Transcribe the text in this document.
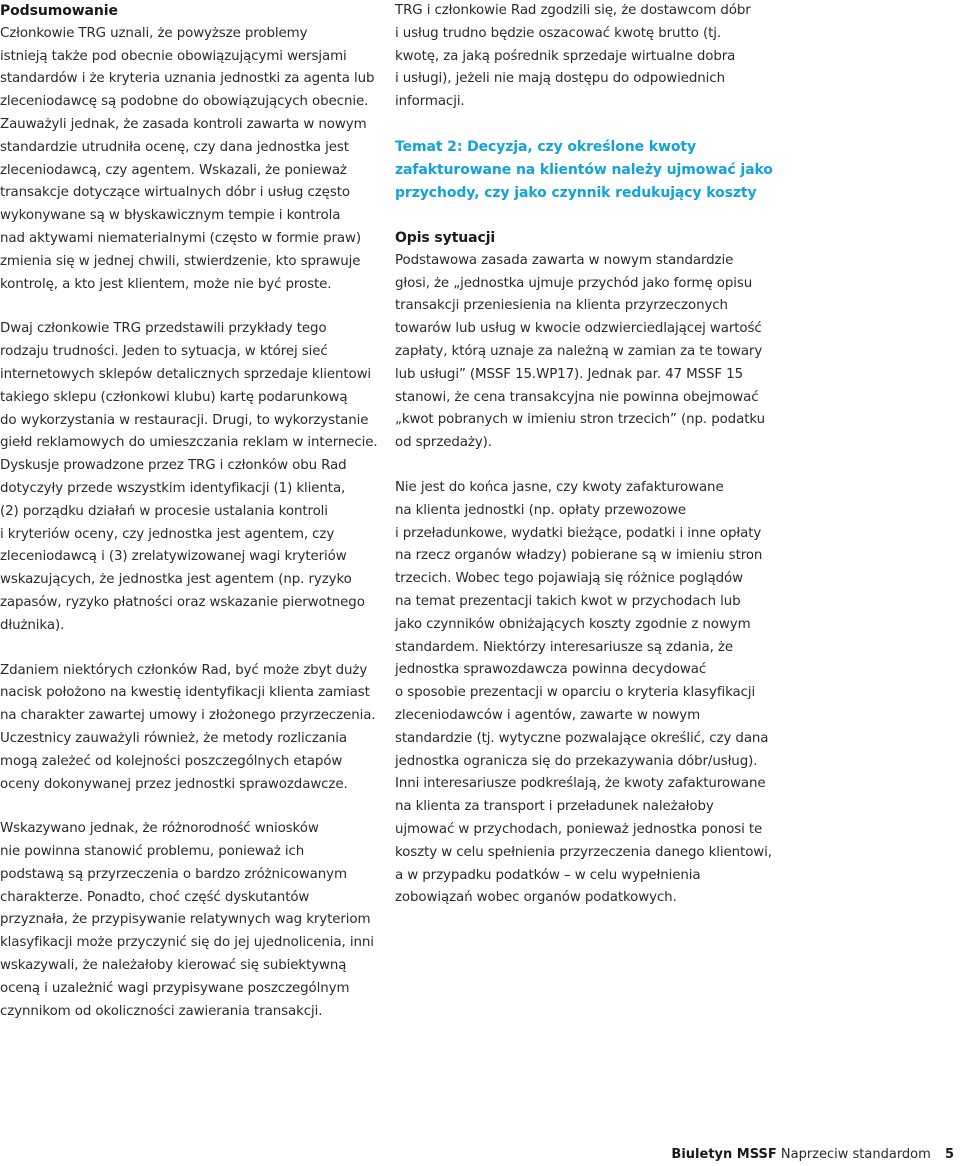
Podsumowanie
Członkowie TRG uznali, że powyższe problemy
istnieją także pod obecnie obowiązującymi wersjami
standardów i że kryteria uznania jednostki za agenta lub
zleceniodawcę są podobne do obowiązujących obecnie.
Zauważyli jednak, że zasada kontroli zawarta w nowym
standardzie utrudniła ocenę, czy dana jednostka jest
zleceniodawcą, czy agentem. Wskazali, że ponieważ
transakcje dotyczące wirtualnych dóbr i usług często
wykonywane są w błyskawicznym tempie i kontrola
nad aktywami niematerialnymi (często w formie praw)
zmienia się w jednej chwili, stwierdzenie, kto sprawuje
kontrolę, a kto jest klientem, może nie być proste.
Dwaj członkowie TRG przedstawili przykłady tego
rodzaju trudności. Jeden to sytuacja, w której sieć
internetowych sklepów detalicznych sprzedaje klientowi
takiego sklepu (członkowi klubu) kartę podarunkową
do wykorzystania w restauracji. Drugi, to wykorzystanie
giełd reklamowych do umieszczania reklam w internecie.
Dyskusje prowadzone przez TRG i członków obu Rad
dotyczyły przede wszystkim identyfikacji (1) klienta,
(2) porządku działań w procesie ustalania kontroli
i kryteriów oceny, czy jednostka jest agentem, czy
zleceniodawcą i (3) zrelatywizowanej wagi kryteriów
wskazujących, że jednostka jest agentem (np. ryzyko
zapasów, ryzyko płatności oraz wskazanie pierwotnego
dłużnika).
Zdaniem niektórych członków Rad, być może zbyt duży
nacisk położono na kwestię identyfikacji klienta zamiast
na charakter zawartej umowy i złożonego przyrzeczenia.
Uczestnicy zauważyli również, że metody rozliczania
mogą zależeć od kolejności poszczególnych etapów
oceny dokonywanej przez jednostki sprawozdawcze.
Wskazywano jednak, że różnorodność wniosków
nie powinna stanowić problemu, ponieważ ich
podstawą są przyrzeczenia o bardzo zróżnicowanym
charakterze. Ponadto, choć część dyskutantów
przyznała, że przypisywanie relatywnych wag kryteriom
klasyfikacji może przyczynić się do jej ujednolicenia, inni
wskazywali, że należałoby kierować się subiektywną
oceną i uzależnić wagi przypisywane poszczególnym
czynnikom od okoliczności zawierania transakcji.
TRG i członkowie Rad zgodzili się, że dostawcom dóbr
i usług trudno będzie oszacować kwotę brutto (tj.
kwotę, za jaką pośrednik sprzedaje wirtualne dobra
i usługi), jeżeli nie mają dostępu do odpowiednich
informacji.
Temat 2: Decyzja, czy określone kwoty
zafakturowane na klientów należy ujmować jako
przychody, czy jako czynnik redukujący koszty
Opis sytuacji
Podstawowa zasada zawarta w nowym standardzie
głosi, że „jednostka ujmuje przychód jako formę opisu
transakcji przeniesienia na klienta przyrzeczonych
towarów lub usług w kwocie odzwierciedlającej wartość
zapłaty, którą uznaje za należną w zamian za te towary
lub usługi” (MSSF 15.WP17). Jednak par. 47 MSSF 15
stanowi, że cena transakcyjna nie powinna obejmować
„kwot pobranych w imieniu stron trzecich” (np. podatku
od sprzedaży).
Nie jest do końca jasne, czy kwoty zafakturowane
na klienta jednostki (np. opłaty przewozowe
i przeładunkowe, wydatki bieżące, podatki i inne opłaty
na rzecz organów władzy) pobierane są w imieniu stron
trzecich. Wobec tego pojawiają się różnice poglądów
na temat prezentacji takich kwot w przychodach lub
jako czynników obniżających koszty zgodnie z nowym
standardem. Niektórzy interesariusze są zdania, że
jednostka sprawozdawcza powinna decydować
o sposobie prezentacji w oparciu o kryteria klasyfikacji
zleceniodawców i agentów, zawarte w nowym
standardzie (tj. wytyczne pozwalające określić, czy dana
jednostka ogranicza się do przekazywania dóbr/usług).
Inni interesariusze podkreślają, że kwoty zafakturowane
na klienta za transport i przeładunek należałoby
ujmować w przychodach, ponieważ jednostka ponosi te
koszty w celu spełnienia przyrzeczenia danego klientowi,
a w przypadku podatków – w celu wypełnienia
zobowiązań wobec organów podatkowych.
Biuletyn MSSF Naprzeciw standardom 5
